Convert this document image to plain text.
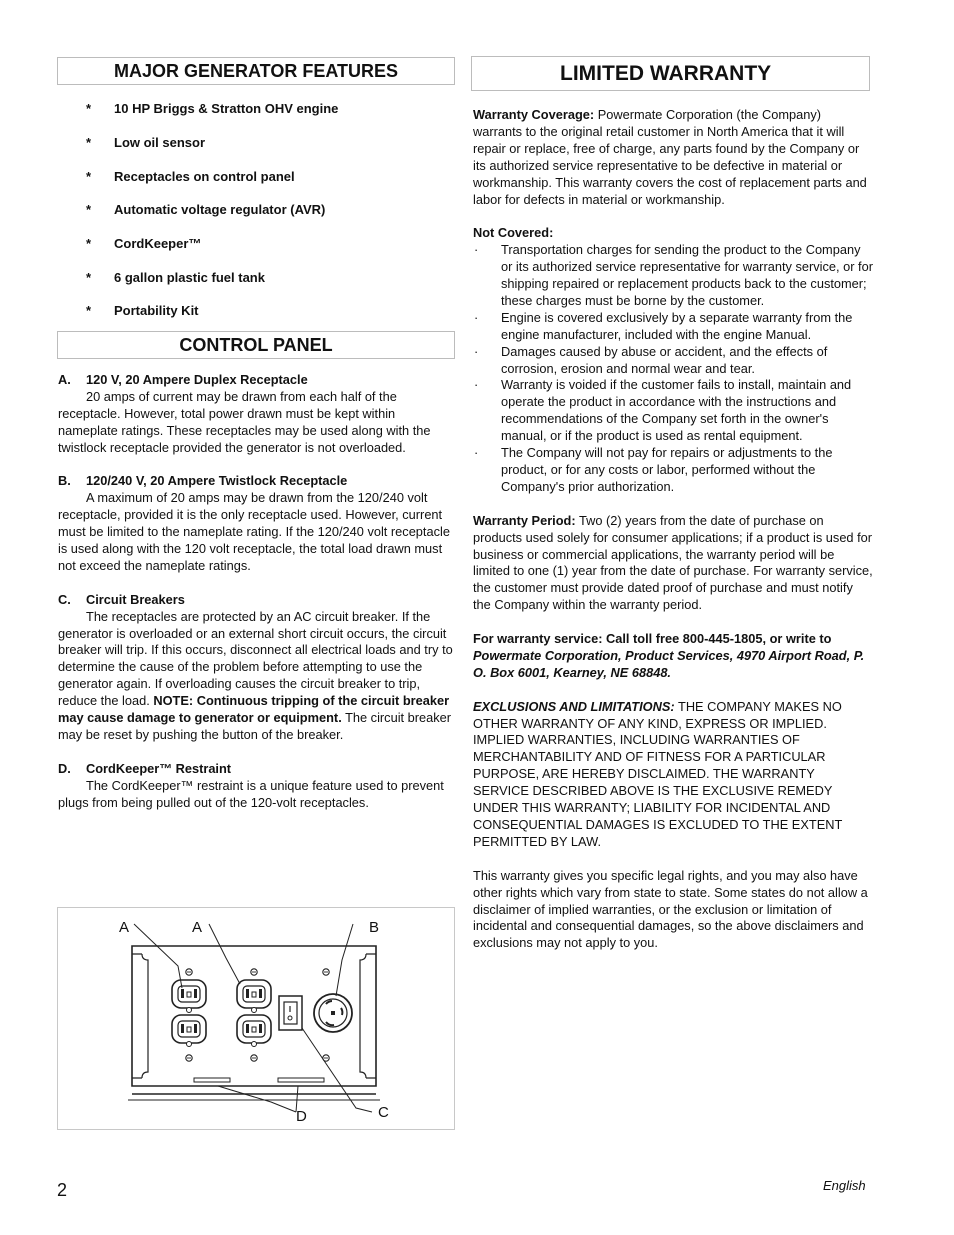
MAJOR GENERATOR FEATURES
* 10 HP Briggs & Stratton OHV engine
* Low oil sensor
* Receptacles on control panel
* Automatic voltage regulator (AVR)
* CordKeeper™
* 6 gallon plastic fuel tank
* Portability Kit
CONTROL PANEL
A. 120 V, 20 Ampere Duplex Receptacle

20 amps of current may be drawn from each half of the receptacle. However, total power drawn must be kept within nameplate ratings. These receptacles may be used along with the twistlock receptacle provided the generator is not overloaded.

B. 120/240 V, 20 Ampere Twistlock Receptacle

A maximum of 20 amps may be drawn from the 120/240 volt receptacle, provided it is the only receptacle used. However, current must be limited to the nameplate rating. If the 120/240 volt receptacle is used along with the 120 volt receptacle, the total load drawn must not exceed the nameplate ratings.

C. Circuit Breakers

The receptacles are protected by an AC circuit breaker. If the generator is overloaded or an external short circuit occurs, the circuit breaker will trip. If this occurs, disconnect all electrical loads and try to determine the cause of the problem before attempting to use the generator again. If overloading causes the circuit breaker to trip, reduce the load. NOTE: Continuous tripping of the circuit breaker may cause damage to generator or equipment. The circuit breaker may be reset by pushing the button of the breaker.

D. CordKeeper™ Restraint

The CordKeeper™ restraint is a unique feature used to prevent plugs from being pulled out of the 120-volt receptacles.

A	A	B
C
D
LIMITED WARRANTY

Warranty Coverage: Powermate Corporation (the Company) warrants to the original retail customer in North America that it will repair or replace, free of charge, any parts found by the Company or its authorized service representative to be defective in material or workmanship. This warranty covers the cost of replacement parts and labor for defects in material or workmanship.

Not Covered:
· Transportation charges for sending the product to the Company or its authorized service representative for warranty service, or for shipping repaired or replacement products back to the customer; these charges must be borne by the customer.
· Engine is covered exclusively by a separate warranty from the engine manufacturer, included with the engine Manual.
· Damages caused by abuse or accident, and the effects of corrosion, erosion and normal wear and tear.
· Warranty is voided if the customer fails to install, maintain and operate the product in accordance with the instructions and recommendations of the Company set forth in the owner's manual, or if the product is used as rental equipment.
· The Company will not pay for repairs or adjustments to the product, or for any costs or labor, performed without the Company's prior authorization.

Warranty Period: Two (2) years from the date of purchase on products used solely for consumer applications; if a product is used for business or commercial applications, the warranty period will be limited to one (1) year from the date of purchase. For warranty service, the customer must provide dated proof of purchase and must notify the Company within the warranty period.

For warranty service: Call toll free 800-445-1805, or write to Powermate Corporation, Product Services, 4970 Airport Road, P. O. Box 6001, Kearney, NE 68848.

EXCLUSIONS AND LIMITATIONS: THE COMPANY MAKES NO OTHER WARRANTY OF ANY KIND, EXPRESS OR IMPLIED. IMPLIED WARRANTIES, INCLUDING WARRANTIES OF MERCHANTABILITY AND OF FITNESS FOR A PARTICULAR PURPOSE, ARE HEREBY DISCLAIMED. THE WARRANTY SERVICE DESCRIBED ABOVE IS THE EXCLUSIVE REMEDY UNDER THIS WARRANTY; LIABILITY FOR INCIDENTAL AND CONSEQUENTIAL DAMAGES IS EXCLUDED TO THE EXTENT PERMITTED BY LAW.

This warranty gives you specific legal rights, and you may also have other rights which vary from state to state. Some states do not allow a disclaimer of implied warranties, or the exclusion or limitation of incidental and consequential damages, so the above disclaimers and exclusions may not apply to you.

2	English
